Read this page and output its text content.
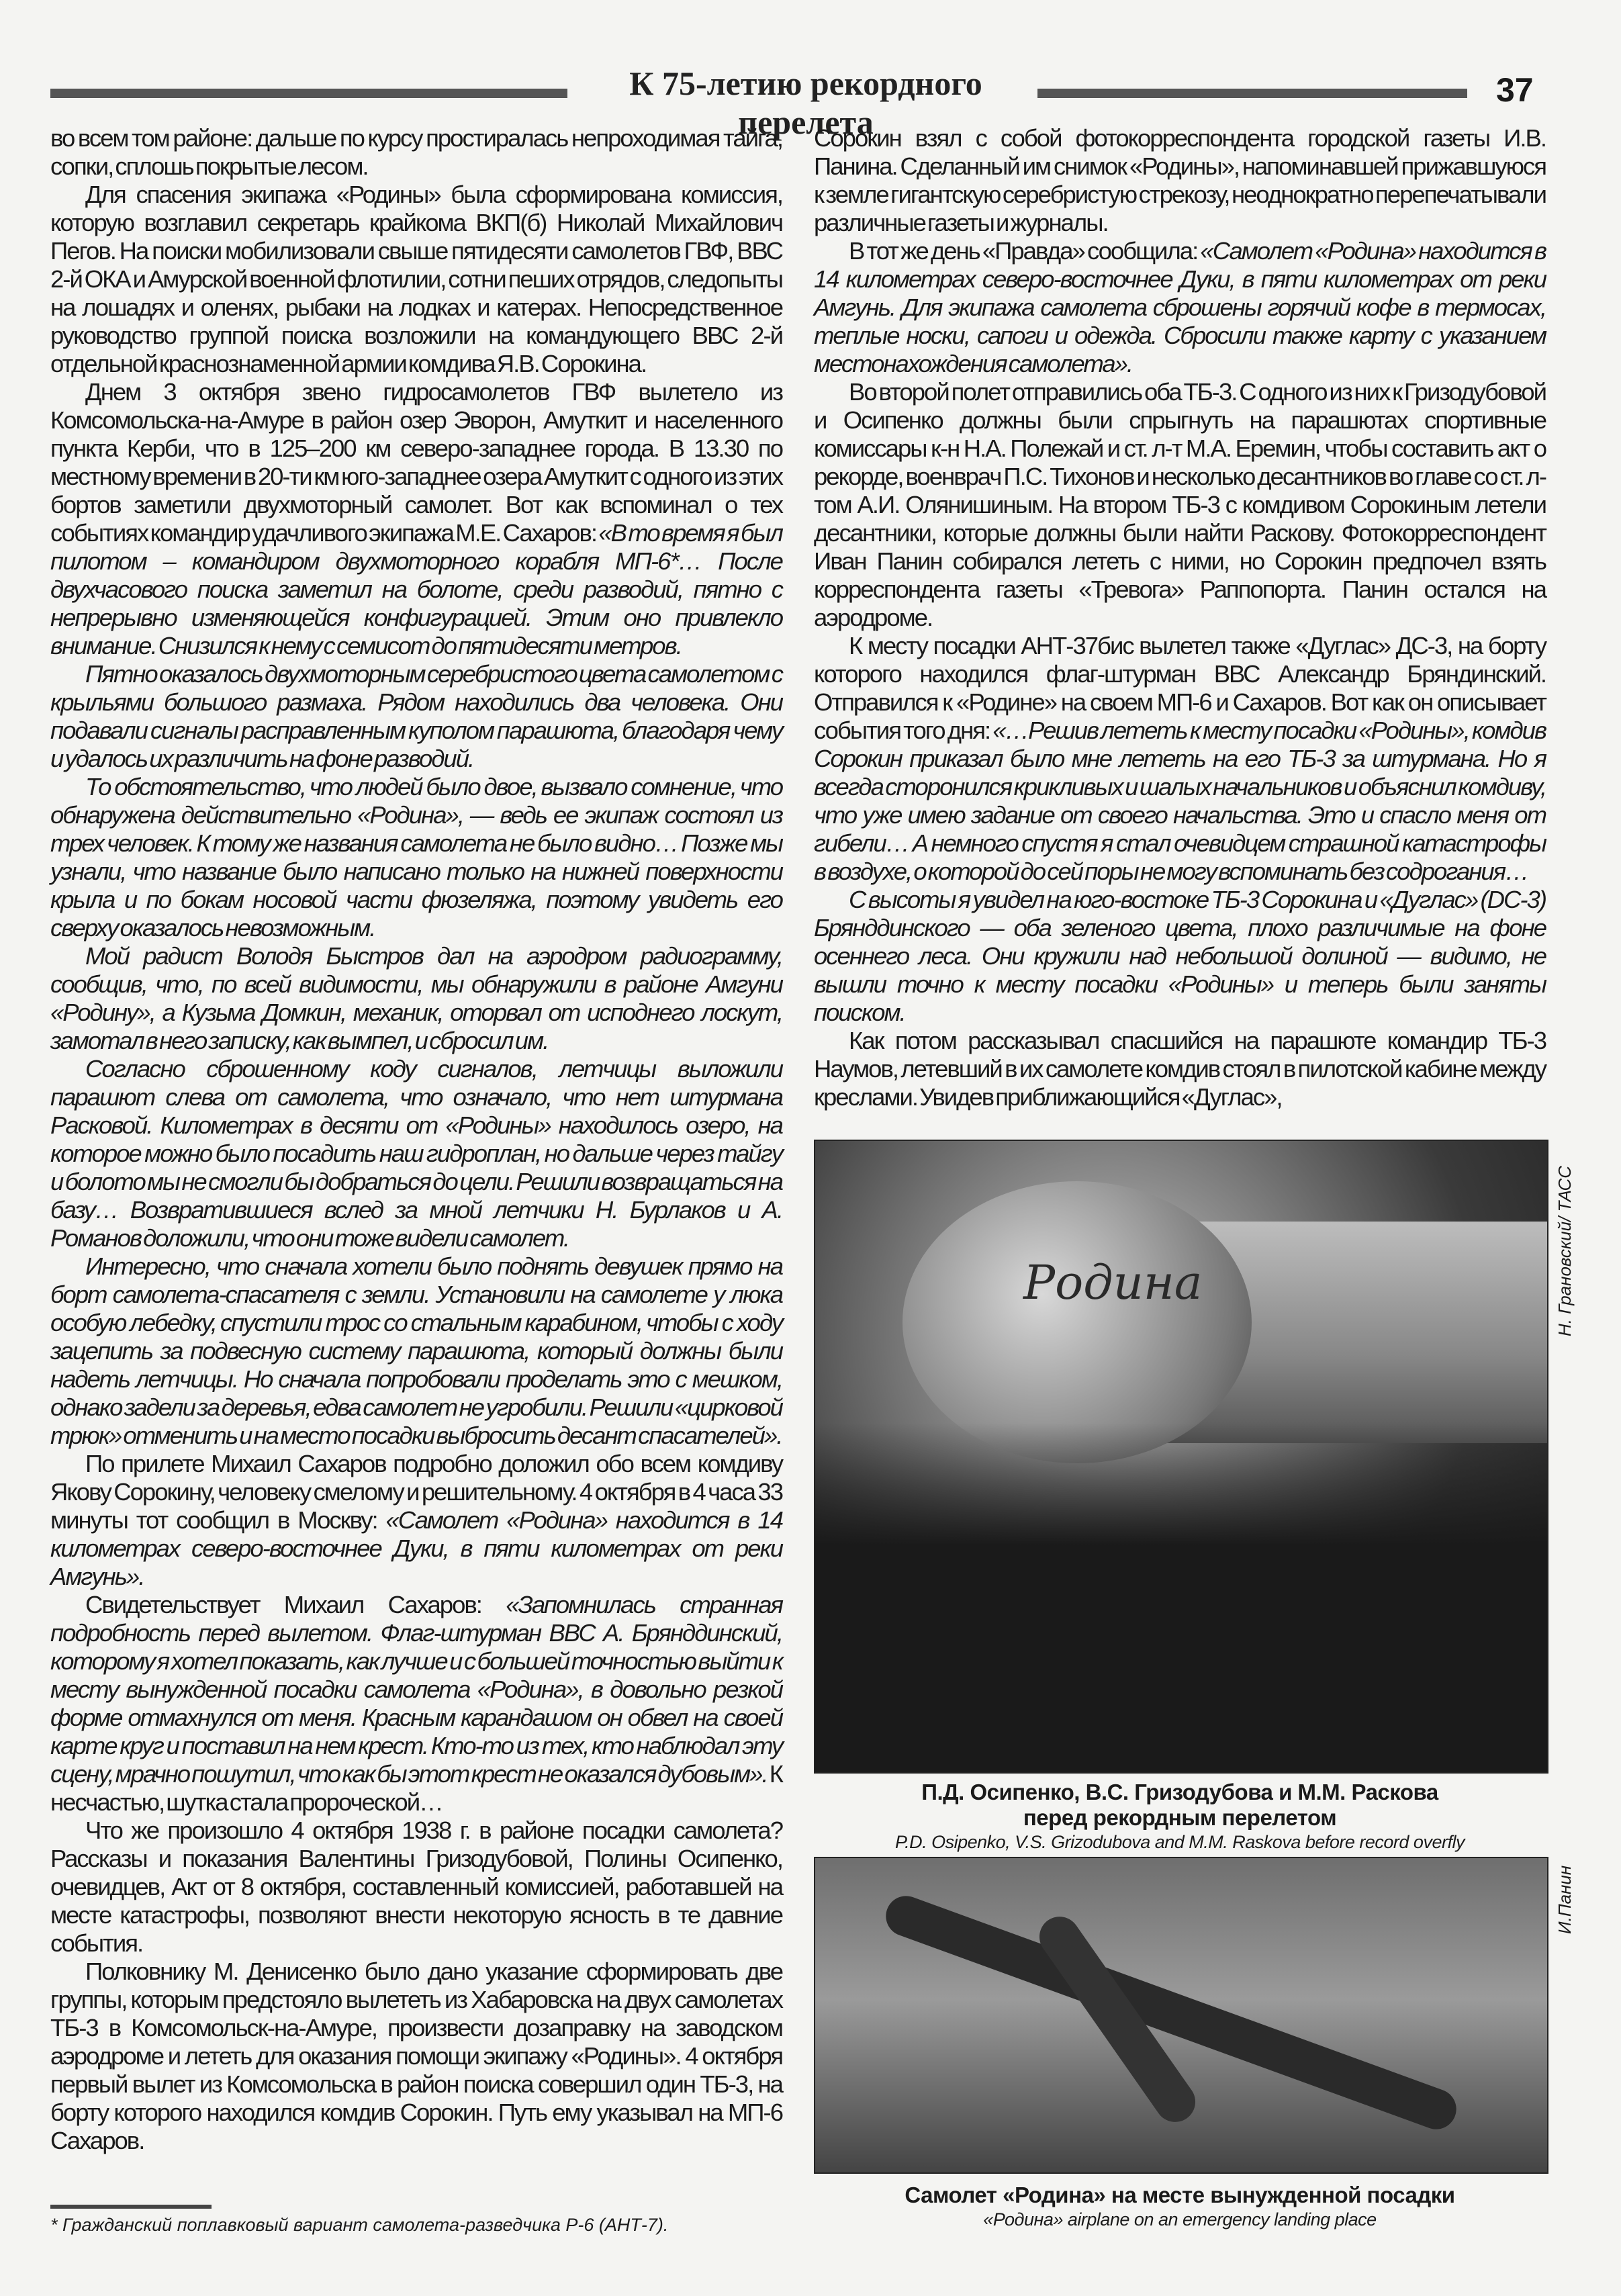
К 75-летию рекордного перелета
37

во всем том районе: дальше по курсу простиралась непроходимая тайга, сопки, сплошь покрытые лесом.

Для спасения экипажа «Родины» была сформирована комиссия, которую возглавил секретарь крайкома ВКП(б) Николай Михайлович Пегов. На поиски мобилизовали свыше пятидесяти самолетов ГВФ, ВВС 2-й ОКА и Амурской военной флотилии, сотни пеших отрядов, следопыты на лошадях и оленях, рыбаки на лодках и катерах. Непосредственное руководство группой поиска возложили на командующего ВВС 2-й отдельной краснознаменной армии комдива Я.В. Сорокина.

Днем 3 октября звено гидросамолетов ГВФ вылетело из Комсомольска-на-Амуре в район озер Эворон, Амуткит и населенного пункта Керби, что в 125–200 км северо-западнее города. В 13.30 по местному времени в 20-ти км юго-западнее озера Амуткит с одного из этих бортов заметили двухмоторный самолет. Вот как вспоминал о тех событиях командир удачливого экипажа М.Е. Сахаров: «В то время я был пилотом – командиром двухмоторного корабля МП-6*… После двухчасового поиска заметил на болоте, среди разводий, пятно с непрерывно изменяющейся конфигурацией. Этим оно привлекло внимание. Снизился к нему с семисот до пятидесяти метров.

Пятно оказалось двухмоторным серебристого цвета самолетом с крыльями большого размаха. Рядом находились два человека. Они подавали сигналы расправленным куполом парашюта, благодаря чему и удалось их различить на фоне разводий.

То обстоятельство, что людей было двое, вызвало сомнение, что обнаружена действительно «Родина», — ведь ее экипаж состоял из трех человек. К тому же названия самолета не было видно… Позже мы узнали, что название было написано только на нижней поверхности крыла и по бокам носовой части фюзеляжа, поэтому увидеть его сверху оказалось невозможным.

Мой радист Володя Быстров дал на аэродром радиограмму, сообщив, что, по всей видимости, мы обнаружили в районе Амгуни «Родину», а Кузьма Домкин, механик, оторвал от исподнего лоскут, замотал в него записку, как вымпел, и сбросил им.

Согласно сброшенному коду сигналов, летчицы выложили парашют слева от самолета, что означало, что нет штурмана Расковой. Километрах в десяти от «Родины» находилось озеро, на которое можно было посадить наш гидроплан, но дальше через тайгу и болото мы не смогли бы добраться до цели. Решили возвращаться на базу… Возвратившиеся вслед за мной летчики Н. Бурлаков и А. Романов доложили, что они тоже видели самолет.

Интересно, что сначала хотели было поднять девушек прямо на борт самолета-спасателя с земли. Установили на самолете у люка особую лебедку, спустили трос со стальным карабином, чтобы с ходу зацепить за подвесную систему парашюта, который должны были надеть летчицы. Но сначала попробовали проделать это с мешком, однако задели за деревья, едва самолет не угробили. Решили «цирковой трюк» отменить и на место посадки выбросить десант спасателей».

По прилете Михаил Сахаров подробно доложил обо всем комдиву Якову Сорокину, человеку смелому и решительному. 4 октября в 4 часа 33 минуты тот сообщил в Москву: «Самолет «Родина» находится в 14 километрах северо-восточнее Дуки, в пяти километрах от реки Амгунь».

Свидетельствует Михаил Сахаров: «Запомнилась странная подробность перед вылетом. Флаг-штурман ВВС А. Брянддинский, которому я хотел показать, как лучше и с большей точностью выйти к месту вынужденной посадки самолета «Родина», в довольно резкой форме отмахнулся от меня. Красным карандашом он обвел на своей карте круг и поставил на нем крест. Кто-то из тех, кто наблюдал эту сцену, мрачно пошутил, что как бы этот крест не оказался дубовым». К несчастью, шутка стала пророческой…

Что же произошло 4 октября 1938 г. в районе посадки самолета? Рассказы и показания Валентины Гризодубовой, Полины Осипенко, очевидцев, Акт от 8 октября, составленный комиссией, работавшей на месте катастрофы, позволяют внести некоторую ясность в те давние события.

Полковнику М. Денисенко было дано указание сформировать две группы, которым предстояло вылететь из Хабаровска на двух самолетах ТБ-3 в Комсомольск-на-Амуре, произвести дозаправку на заводском аэродроме и лететь для оказания помощи экипажу «Родины». 4 октября первый вылет из Комсомольска в район поиска совершил один ТБ-3, на борту которого находился комдив Сорокин. Путь ему указывал на МП-6 Сахаров.

Сорокин взял с собой фотокорреспондента городской газеты И.В. Панина. Сделанный им снимок «Родины», напоминавшей прижавшуюся к земле гигантскую серебристую стрекозу, неоднократно перепечатывали различные газеты и журналы.

В тот же день «Правда» сообщила: «Самолет «Родина» находится в 14 километрах северо-восточнее Дуки, в пяти километрах от реки Амгунь. Для экипажа самолета сброшены горячий кофе в термосах, теплые носки, сапоги и одежда. Сбросили также карту с указанием местонахождения самолета».

Во второй полет отправились оба ТБ-3. С одного из них к Гризодубовой и Осипенко должны были спрыгнуть на парашютах спортивные комиссары к-н Н.А. Полежай и ст. л-т М.А. Еремин, чтобы составить акт о рекорде, военврач П.С. Тихонов и несколько десантников во главе со ст. л-том А.И. Олянишиным. На втором ТБ-3 с комдивом Сорокиным летели десантники, которые должны были найти Раскову. Фотокорреспондент Иван Панин собирался лететь с ними, но Сорокин предпочел взять корреспондента газеты «Тревога» Раппопорта. Панин остался на аэродроме.

К месту посадки АНТ-37бис вылетел также «Дуглас» ДС-3, на борту которого находился флаг-штурман ВВС Александр Бряндинский. Отправился к «Родине» на своем МП-6 и Сахаров. Вот как он описывает события того дня: «…Решив лететь к месту посадки «Родины», комдив Сорокин приказал было мне лететь на его ТБ-3 за штурмана. Но я всегда сторонился крикливых и шалых начальников и объяснил комдиву, что уже имею задание от своего начальства. Это и спасло меня от гибели… А немного спустя я стал очевидцем страшной катастрофы в воздухе, о которой до сей поры не могу вспоминать без содрогания…

С высоты я увидел на юго-востоке ТБ-3 Сорокина и «Дуглас» (DC-3) Брянддинского — оба зеленого цвета, плохо различимые на фоне осеннего леса. Они кружили над небольшой долиной — видимо, не вышли точно к месту посадки «Родины» и теперь были заняты поиском.

Как потом рассказывал спасшийся на парашюте командир ТБ-3 Наумов, летевший в их самолете комдив стоял в пилотской кабине между креслами. Увидев приближающийся «Дуглас»,

Родина	Н. Грановский/ ТАСС
П.Д. Осипенко, В.С. Гризодубова и М.М. Раскова
перед рекордным перелетом
P.D. Osipenko, V.S. Grizodubova and M.M. Raskova before record overfly
И.Панин
Самолет «Родина» на месте вынужденной посадки
«Родина» airplane on an emergency landing place
* Гражданский поплавковый вариант самолета-разведчика Р-6 (АНТ-7).
